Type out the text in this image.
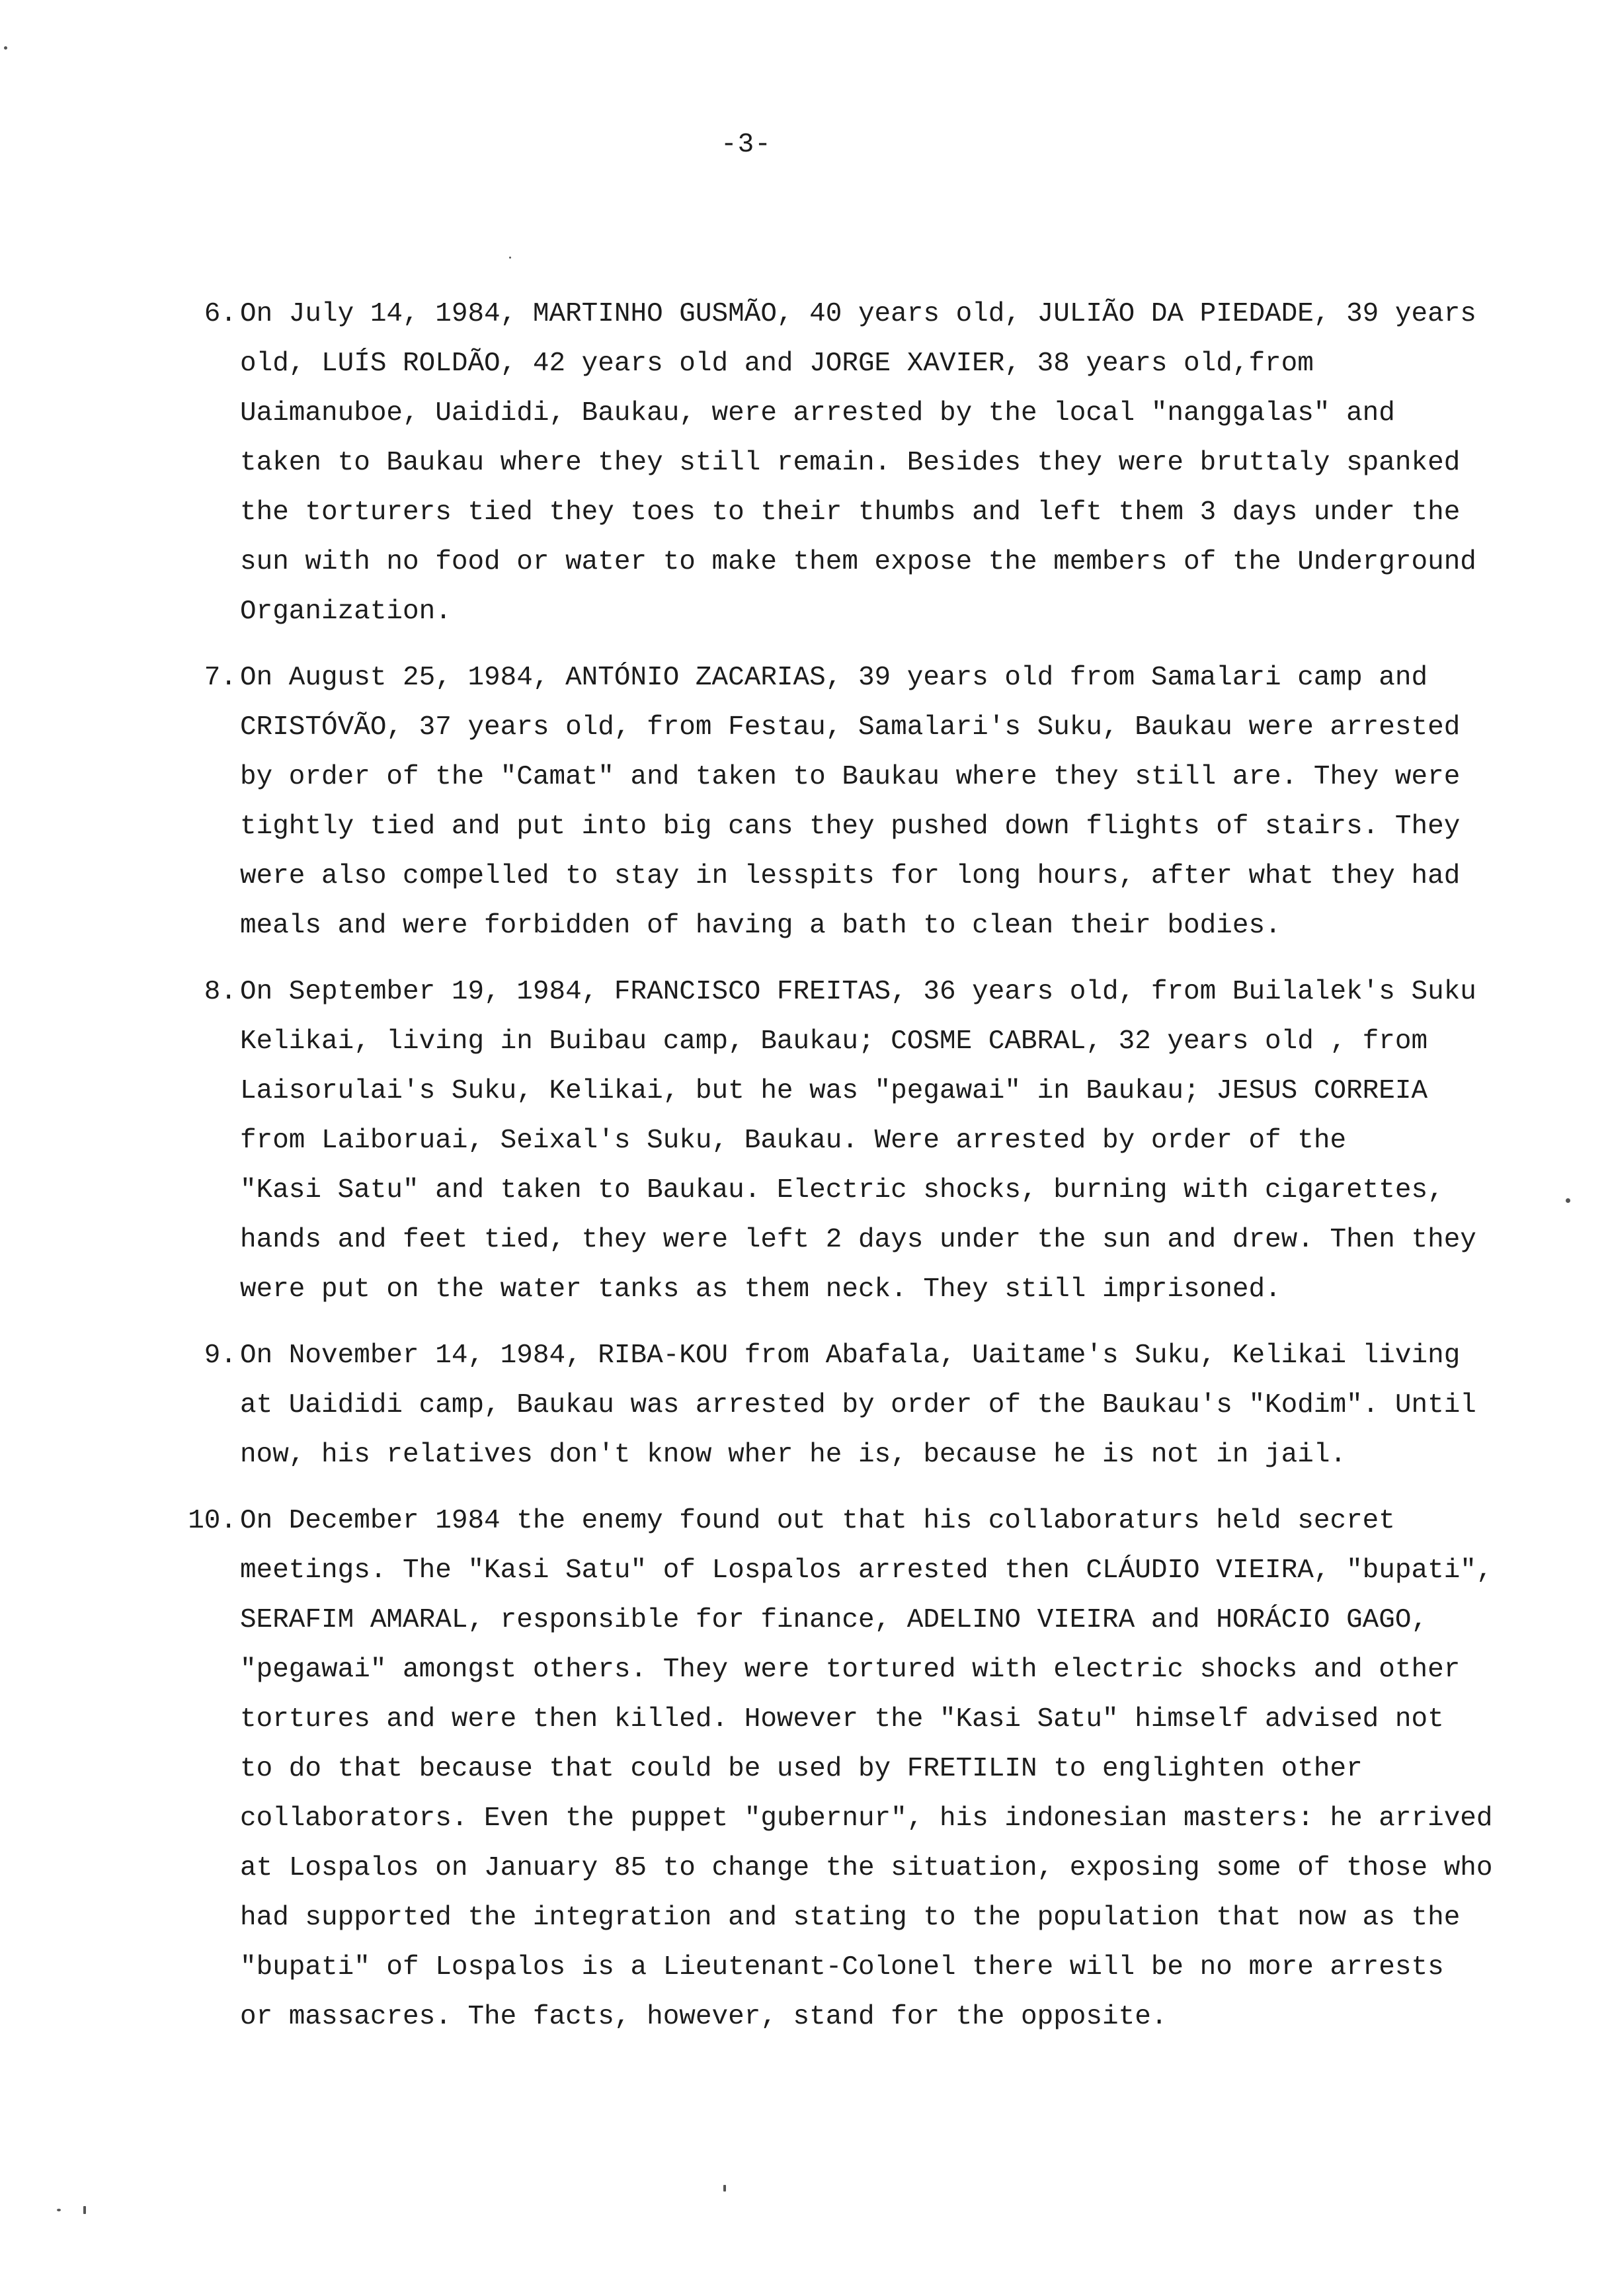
-3-
6. On July 14, 1984, MARTINHO GUSMÃO, 40 years old, JULIÃO DA PIEDADE, 39 years
old, LUÍS ROLDÃO, 42 years old and JORGE XAVIER, 38 years old,from
Uaimanuboe, Uaididi, Baukau, were arrested by the local "nanggalas" and
taken to Baukau where they still remain. Besides they were bruttaly spanked
the torturers tied they toes to their thumbs and left them 3 days under the
sun with no food or water to make them expose the members of the Underground
Organization.
7. On August 25, 1984, ANTÓNIO ZACARIAS, 39 years old from Samalari camp and
CRISTÓVÃO, 37 years old, from Festau, Samalari's Suku, Baukau were arrested
by order of the "Camat" and taken to Baukau where they still are. They were
tightly tied and put into big cans they pushed down flights of stairs. They
were also compelled to stay in lesspits for long hours, after what they had
meals and were forbidden of having a bath to clean their bodies.
8. On September 19, 1984, FRANCISCO FREITAS, 36 years old, from Builalek's Suku
Kelikai, living in Buibau camp, Baukau; COSME CABRAL, 32 years old , from
Laisorulai's Suku, Kelikai, but he was "pegawai" in Baukau; JESUS CORREIA
from Laiboruai, Seixal's Suku, Baukau. Were arrested by order of the
"Kasi Satu" and taken to Baukau. Electric shocks, burning with cigarettes,
hands and feet tied, they were left 2 days under the sun and drew. Then they
were put on the water tanks as them neck. They still imprisoned.
9. On November 14, 1984, RIBA-KOU from Abafala, Uaitame's Suku, Kelikai living
at Uaididi camp, Baukau was arrested by order of the Baukau's "Kodim". Until
now, his relatives don't know wher he is, because he is not in jail.
10. On December 1984 the enemy found out that his collaboraturs held secret
meetings. The "Kasi Satu" of Lospalos arrested then CLÁUDIO VIEIRA, "bupati",
SERAFIM AMARAL, responsible for finance, ADELINO VIEIRA and HORÁCIO GAGO,
"pegawai" amongst others. They were tortured with electric shocks and other
tortures and were then killed. However the "Kasi Satu" himself advised not
to do that because that could be used by FRETILIN to englighten other
collaborators. Even the puppet "gubernur", his indonesian masters: he arrived
at Lospalos on January 85 to change the situation, exposing some of those who
had supported the integration and stating to the population that now as the
"bupati" of Lospalos is a Lieutenant-Colonel there will be no more arrests
or massacres. The facts, however, stand for the opposite.
